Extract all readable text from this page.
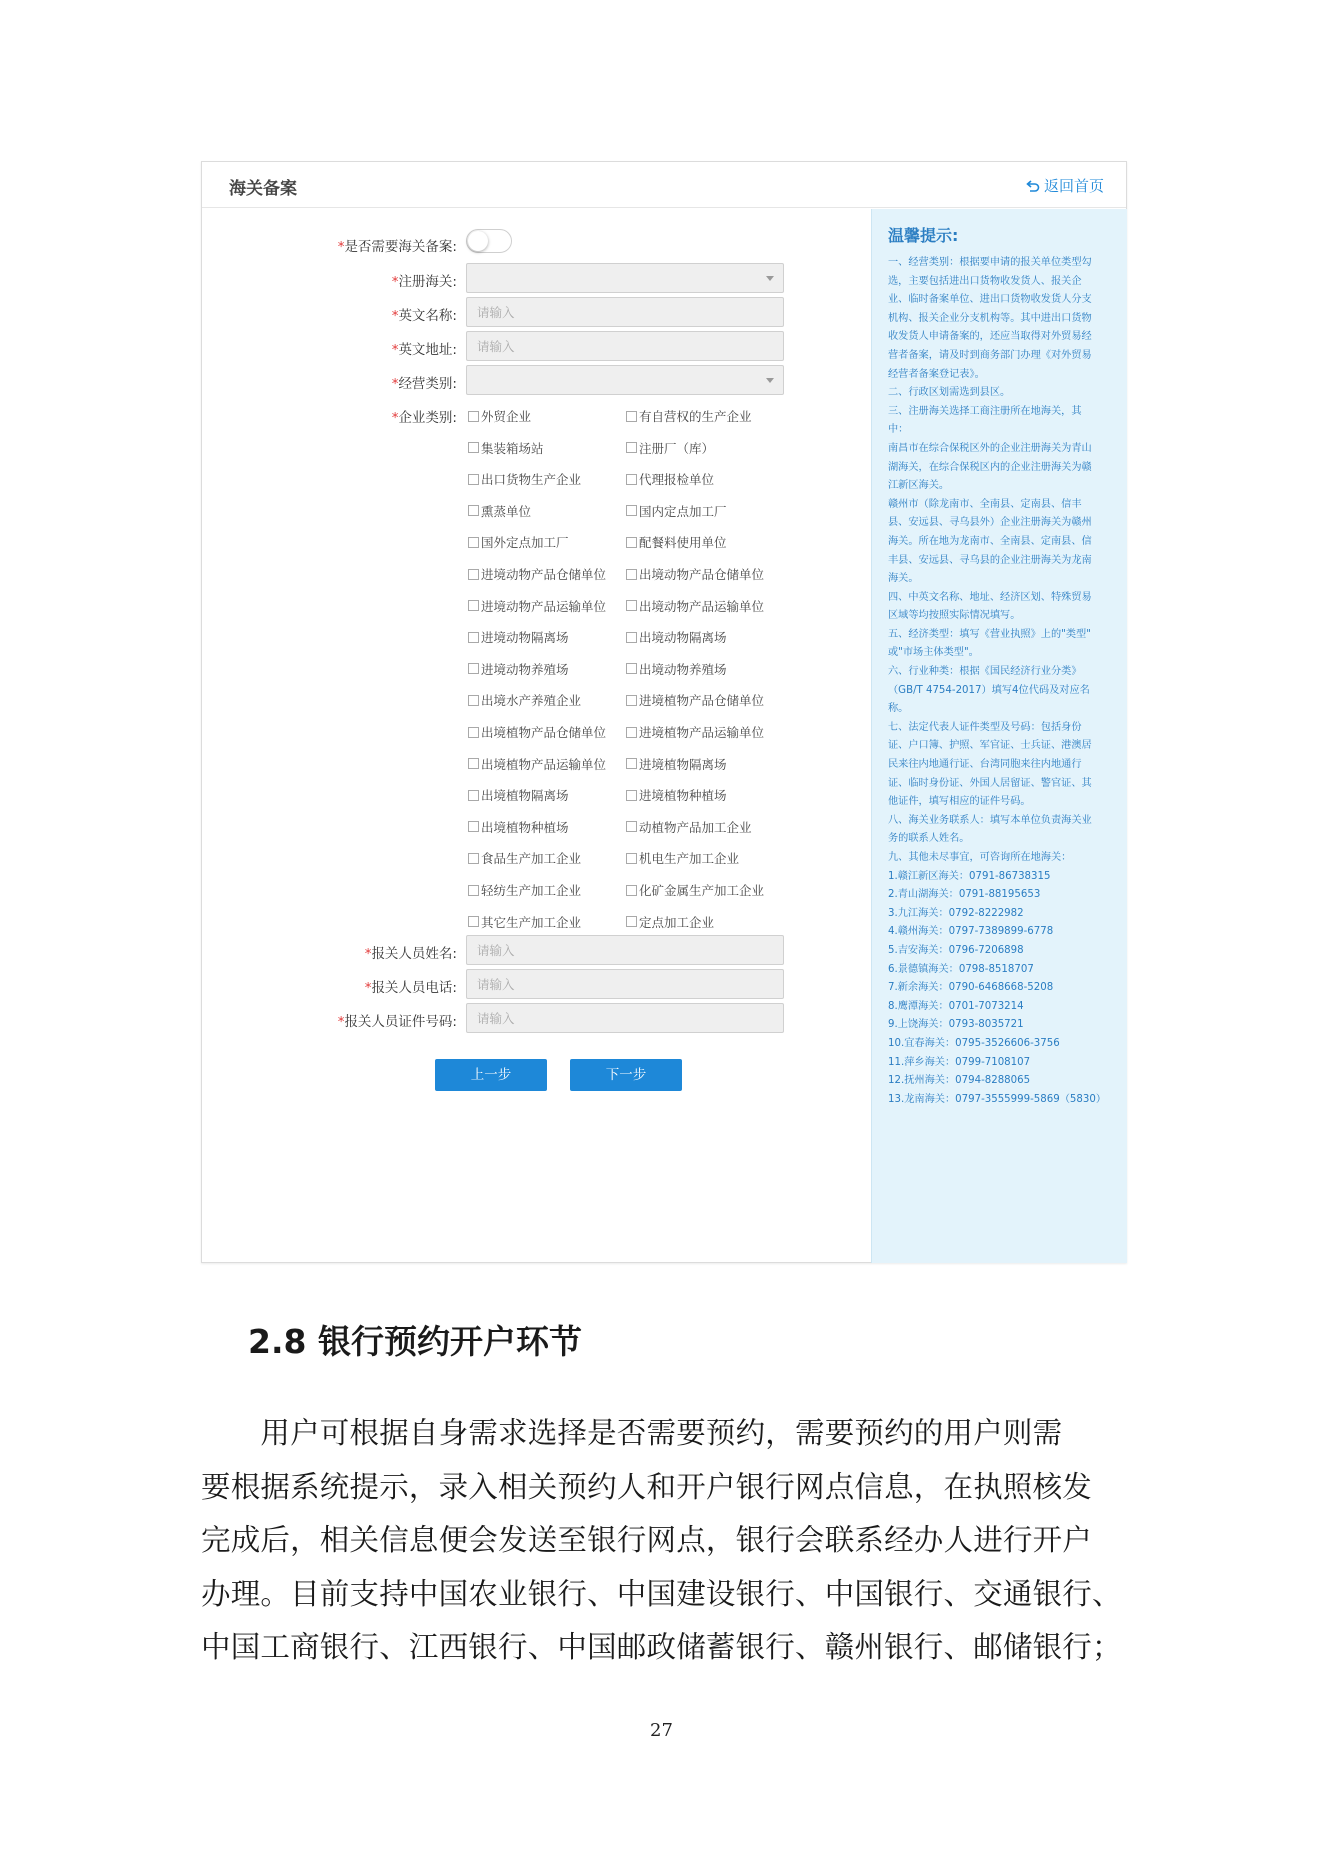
海关备案	返回首页
*是否需要海关备案:
*注册海关:
*英文名称:
请输入
*英文地址:
请输入
*经营类别:
*企业类别: 外贸企业	有自营权的生产企业
集装箱场站	注册厂（库）
出口货物生产企业	代理报检单位
熏蒸单位	国内定点加工厂
国外定点加工厂	配餐料使用单位
进境动物产品仓储单位	出境动物产品仓储单位
进境动物产品运输单位	出境动物产品运输单位
进境动物隔离场	出境动物隔离场
进境动物养殖场	出境动物养殖场
出境水产养殖企业	进境植物产品仓储单位
出境植物产品仓储单位	进境植物产品运输单位
出境植物产品运输单位	进境植物隔离场
出境植物隔离场	进境植物种植场
出境植物种植场	动植物产品加工企业
食品生产加工企业	机电生产加工企业
轻纺生产加工企业	化矿金属生产加工企业
其它生产加工企业	定点加工企业
*报关人员姓名:
请输入
*报关人员电话:
请输入
*报关人员证件号码:
请输入
上一步	下一步
温馨提示:
一、经营类别：根据要申请的报关单位类型勾
选，主要包括进出口货物收发货人、报关企
业、临时备案单位、进出口货物收发货人分支
机构、报关企业分支机构等。其中进出口货物
收发货人申请备案的，还应当取得对外贸易经
营者备案，请及时到商务部门办理《对外贸易
经营者备案登记表》。
二、行政区划需选到县区。
三、注册海关选择工商注册所在地海关，其
中：
南昌市在综合保税区外的企业注册海关为青山
湖海关，在综合保税区内的企业注册海关为赣
江新区海关。
赣州市（除龙南市、全南县、定南县、信丰
县、安远县、寻乌县外）企业注册海关为赣州
海关。所在地为龙南市、全南县、定南县、信
丰县、安远县、寻乌县的企业注册海关为龙南
海关。
四、中英文名称、地址、经济区划、特殊贸易
区域等均按照实际情况填写。
五、经济类型：填写《营业执照》上的"类型"
或"市场主体类型"。
六、行业种类：根据《国民经济行业分类》
（GB/T 4754-2017）填写4位代码及对应名
称。
七、法定代表人证件类型及号码：包括身份
证、户口簿、护照、军官证、士兵证、港澳居
民来往内地通行证、台湾同胞来往内地通行
证、临时身份证、外国人居留证、警官证、其
他证件，填写相应的证件号码。
八、海关业务联系人：填写本单位负责海关业
务的联系人姓名。
九、其他未尽事宜，可咨询所在地海关：
1.赣江新区海关：0791-86738315
2.青山湖海关：0791-88195653
3.九江海关：0792-8222982
4.赣州海关：0797-7389899-6778
5.吉安海关：0796-7206898
6.景德镇海关：0798-8518707
7.新余海关：0790-6468668-5208
8.鹰潭海关：0701-7073214
9.上饶海关：0793-8035721
10.宜春海关：0795-3526606-3756
11.萍乡海关：0799-7108107
12.抚州海关：0794-8288065
13.龙南海关：0797-3555999-5869（5830）
2.8 银行预约开户环节
　　用户可根据自身需求选择是否需要预约，需要预约的用户则需
要根据系统提示，录入相关预约人和开户银行网点信息，在执照核发
完成后，相关信息便会发送至银行网点，银行会联系经办人进行开户
办理。目前支持中国农业银行、中国建设银行、中国银行、交通银行、
中国工商银行、江西银行、中国邮政储蓄银行、赣州银行、邮储银行；
27
